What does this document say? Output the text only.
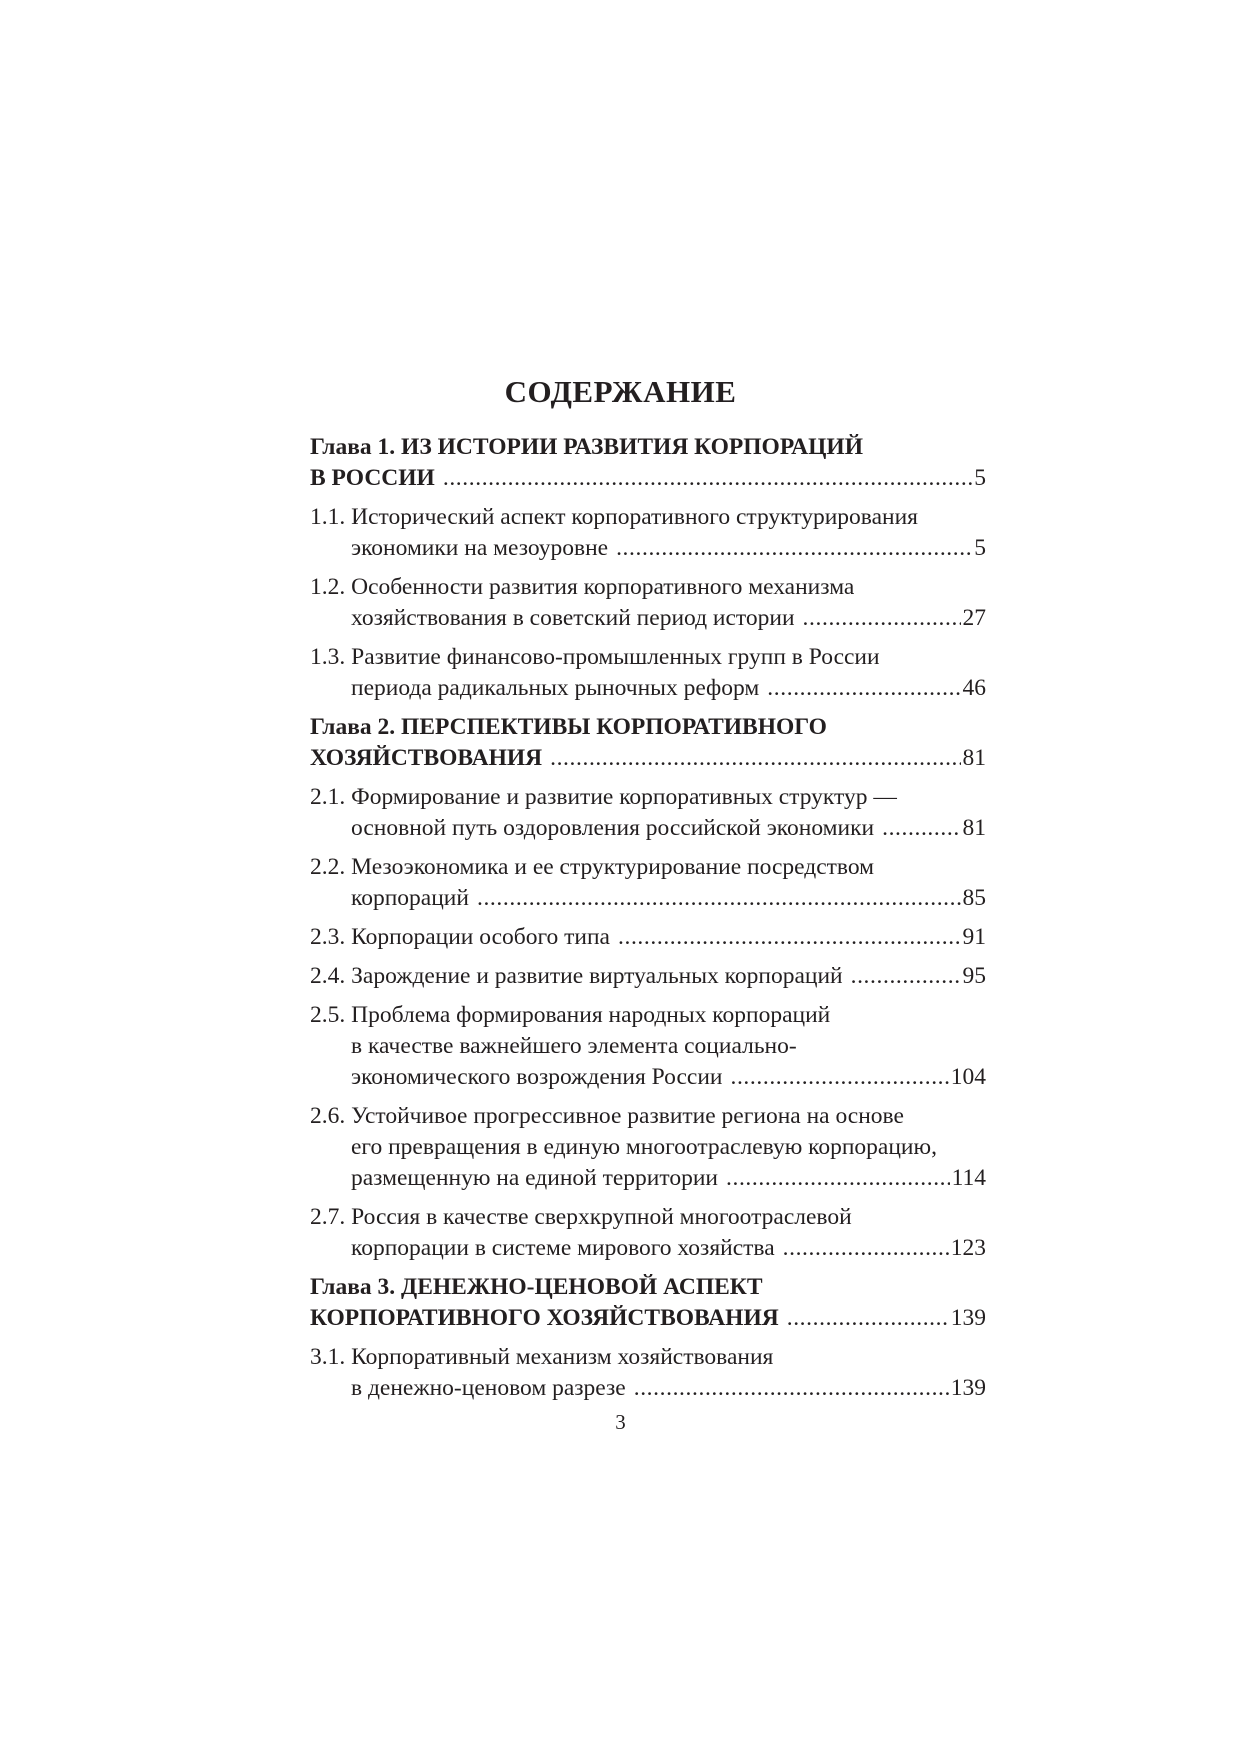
СОДЕРЖАНИЕ
Глава 1. ИЗ ИСТОРИИ РАЗВИТИЯ КОРПОРАЦИЙ
В РОССИИ .....	5
1.1. Исторический аспект корпоративного структурирования
экономики на мезоуровне .....	5
1.2. Особенности развития корпоративного механизма
хозяйствования в советский период истории .....	27
1.3. Развитие финансово-промышленных групп в России
периода радикальных рыночных реформ .....	46
Глава 2. ПЕРСПЕКТИВЫ КОРПОРАТИВНОГО
ХОЗЯЙСТВОВАНИЯ .....	81
2.1. Формирование и развитие корпоративных структур —
основной путь оздоровления российской экономики .....	81
2.2. Мезоэкономика и ее структурирование посредством
корпораций .....	85
2.3. Корпорации особого типа .....	91
2.4. Зарождение и развитие виртуальных корпораций .....	95
2.5. Проблема формирования народных корпораций
в качестве важнейшего элемента социально-
экономического возрождения России .....	104
2.6. Устойчивое прогрессивное развитие региона на основе
его превращения в единую многоотраслевую корпорацию,
размещенную на единой территории .....	114
2.7. Россия в качестве сверхкрупной многоотраслевой
корпорации в системе мирового хозяйства .....	123
Глава 3. ДЕНЕЖНО-ЦЕНОВОЙ АСПЕКТ
КОРПОРАТИВНОГО ХОЗЯЙСТВОВАНИЯ .....	139
3.1. Корпоративный механизм хозяйствования
в денежно-ценовом разрезе .....	139
3
